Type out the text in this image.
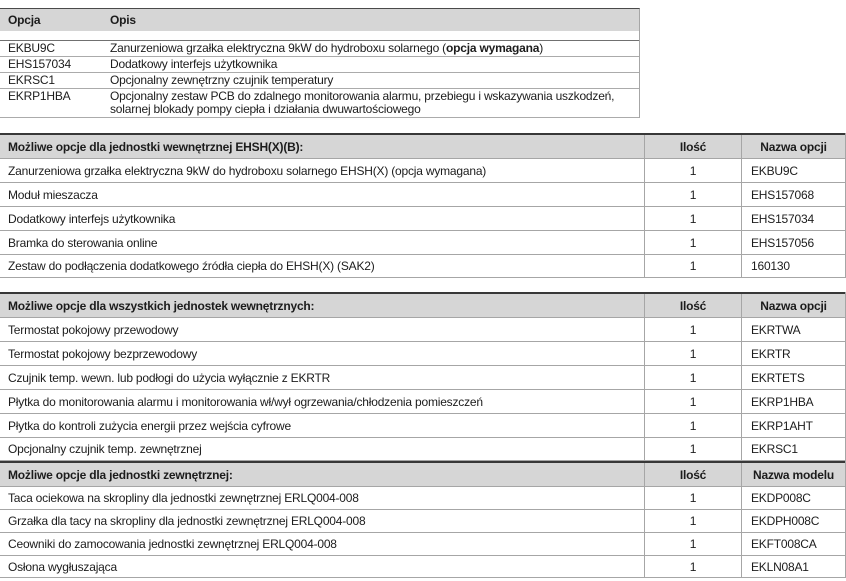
Opcja	Opis
EKBU9C	Zanurzeniowa grzałka elektryczna 9kW do hydroboxu solarnego (opcja wymagana)
EHS157034	Dodatkowy interfejs użytkownika
EKRSC1	Opcjonalny zewnętrzny czujnik temperatury
EKRP1HBA	Opcjonalny zestaw PCB do zdalnego monitorowania alarmu, przebiegu i wskazywania uszkodzeń, solarnej blokady pompy ciepła i działania dwuwartościowego
Możliwe opcje dla jednostki wewnętrznej EHSH(X)(B):	Ilość	Nazwa opcji
Zanurzeniowa grzałka elektryczna 9kW do hydroboxu solarnego EHSH(X) (opcja wymagana)	1	EKBU9C
Moduł mieszacza	1	EHS157068
Dodatkowy interfejs użytkownika	1	EHS157034
Bramka do sterowania online	1	EHS157056
Zestaw do podłączenia dodatkowego źródła ciepła do EHSH(X) (SAK2)	1	160130
Możliwe opcje dla wszystkich jednostek wewnętrznych:	Ilość	Nazwa opcji
Termostat pokojowy przewodowy	1	EKRTWA
Termostat pokojowy bezprzewodowy	1	EKRTR
Czujnik temp. wewn. lub podłogi do użycia wyłącznie z EKRTR	1	EKRTETS
Płytka do monitorowania alarmu i monitorowania wł/wył ogrzewania/chłodzenia pomieszczeń	1	EKRP1HBA
Płytka do kontroli zużycia energii przez wejścia cyfrowe	1	EKRP1AHT
Opcjonalny czujnik temp. zewnętrznej	1	EKRSC1
Możliwe opcje dla jednostki zewnętrznej:	Ilość	Nazwa modelu
Taca ociekowa na skropliny dla jednostki zewnętrznej ERLQ004-008	1	EKDP008C
Grzałka dla tacy na skropliny dla jednostki zewnętrznej ERLQ004-008	1	EKDPH008C
Ceowniki do zamocowania jednostki zewnętrznej ERLQ004-008	1	EKFT008CA
Osłona wygłuszająca	1	EKLN08A1
